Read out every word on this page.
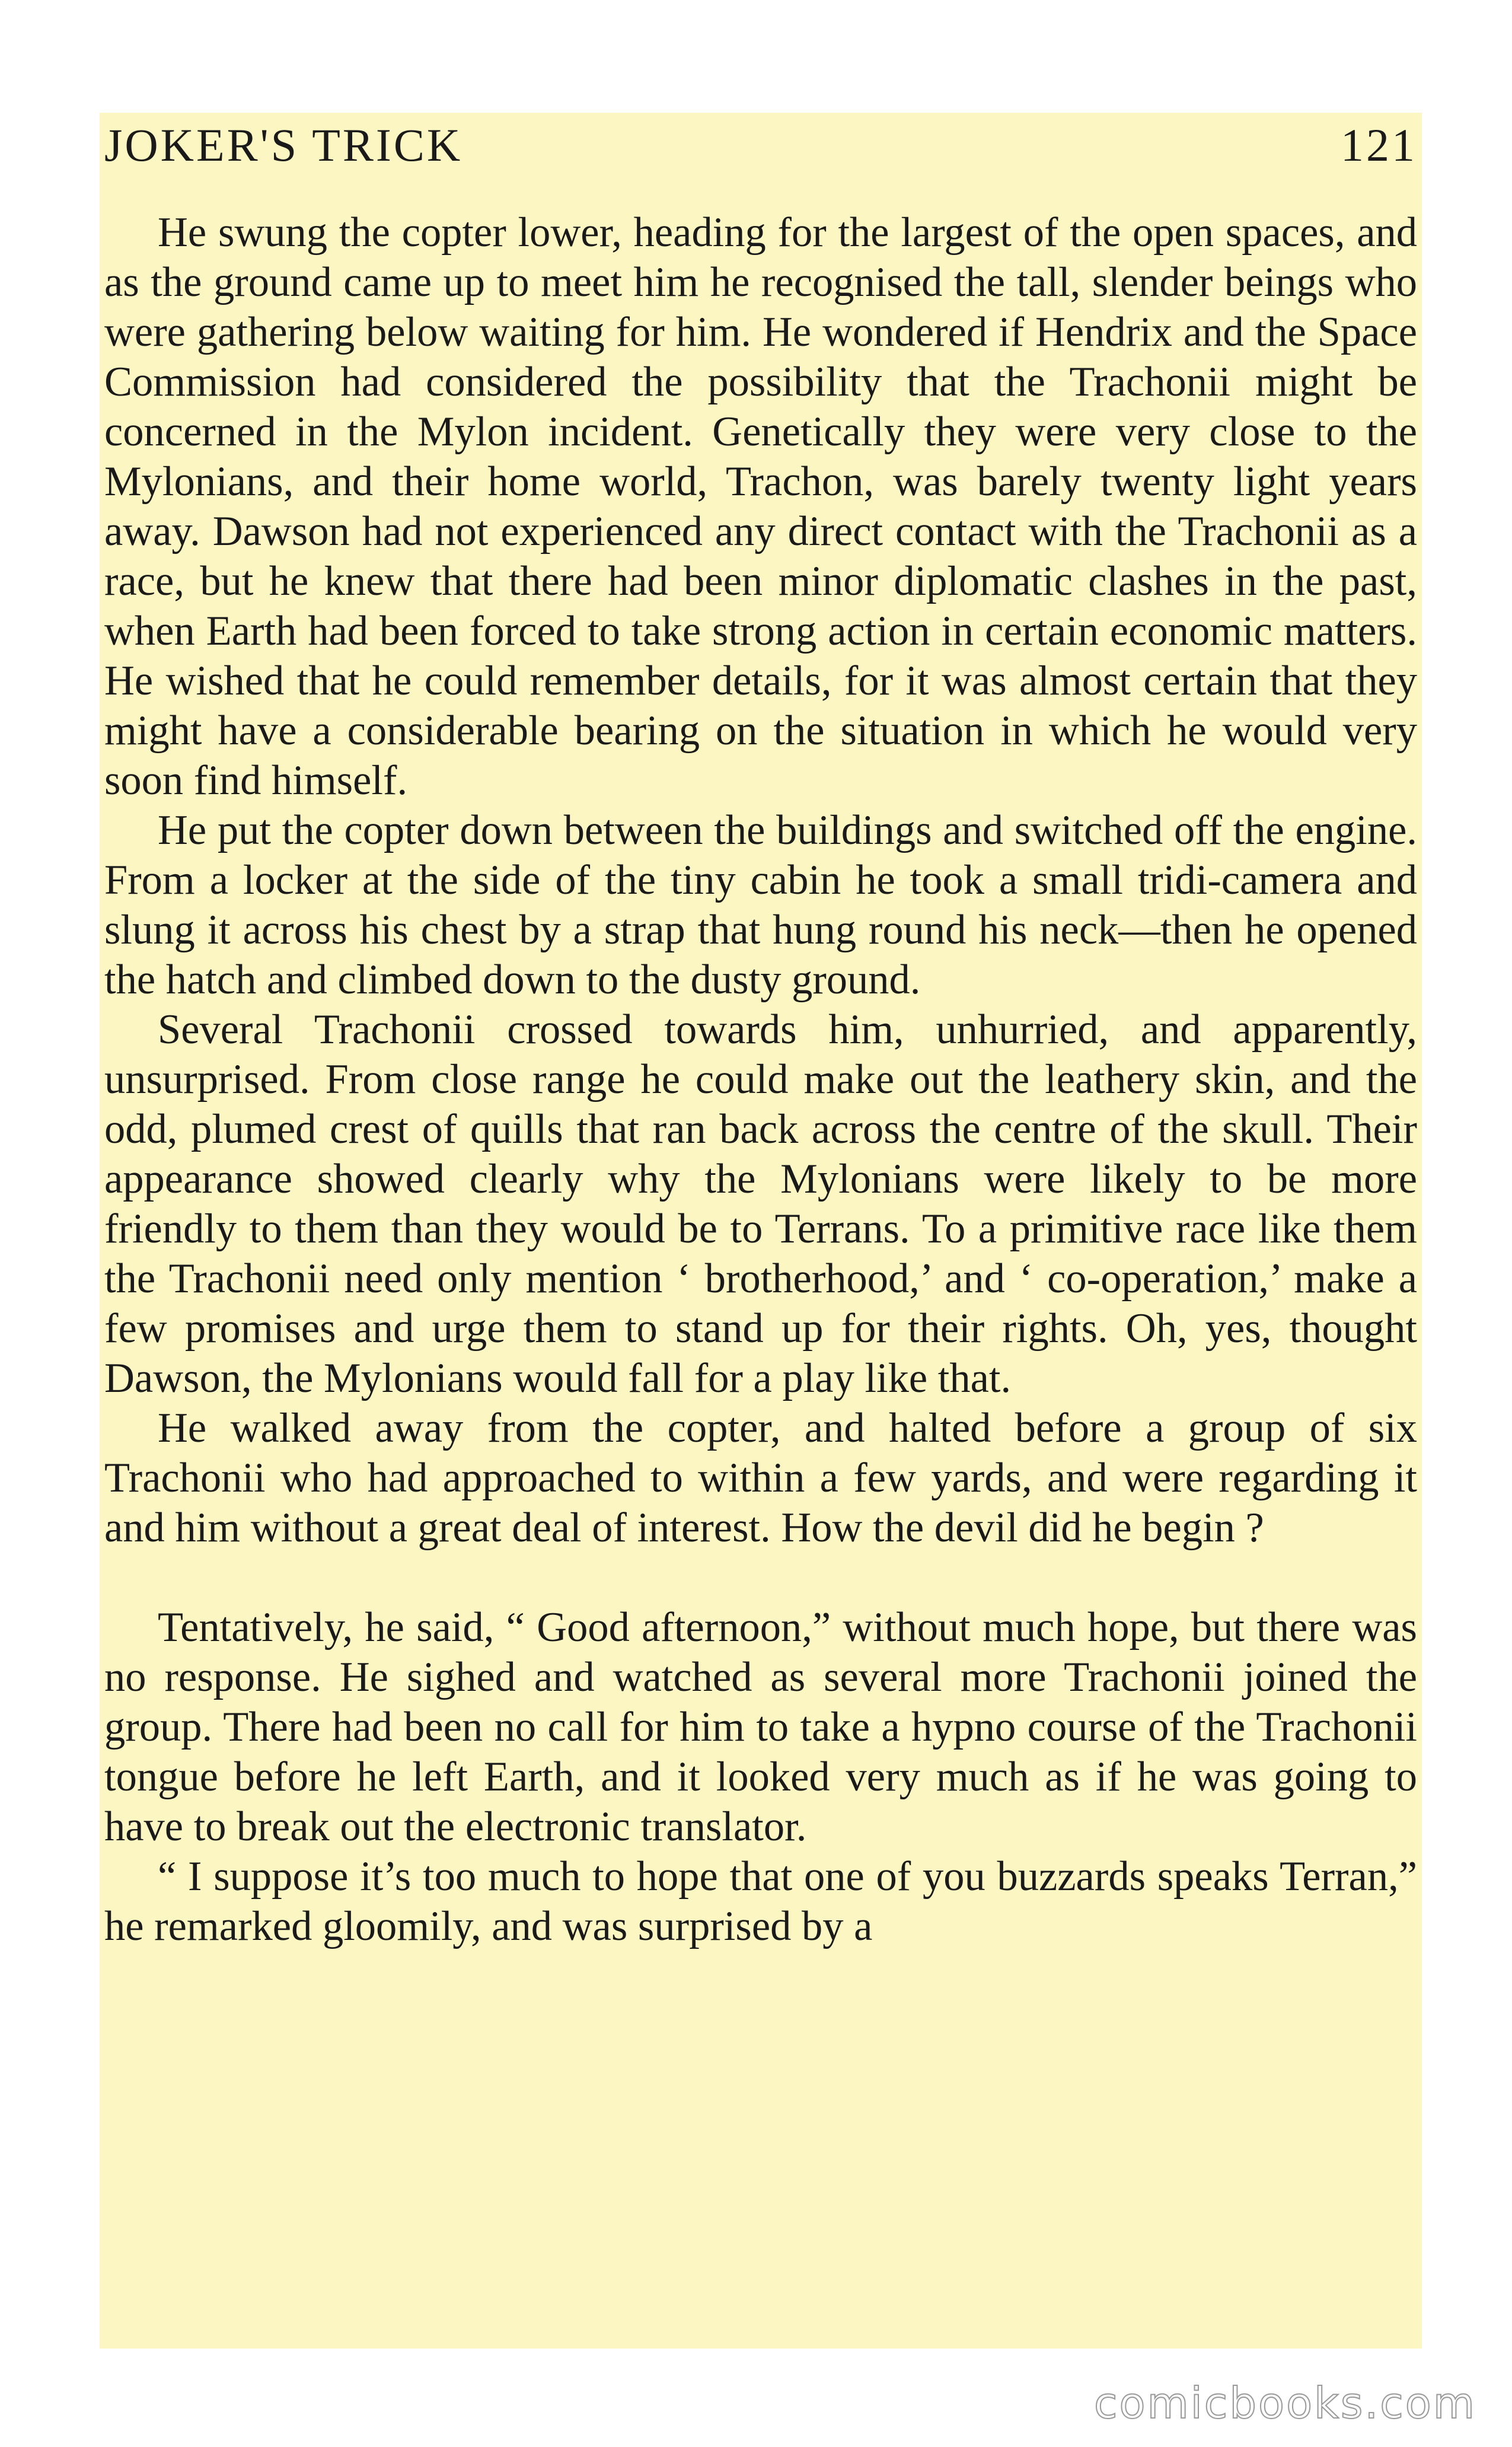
JOKER'S TRICK	121

He swung the copter lower, heading for the largest of the open spaces, and as the ground came up to meet him he recognised the tall, slender beings who were gathering below waiting for him. He wondered if Hendrix and the Space Commission had considered the possibility that the Trachonii might be concerned in the Mylon incident. Genetically they were very close to the Mylonians, and their home world, Trachon, was barely twenty light years away. Dawson had not experienced any direct contact with the Trachonii as a race, but he knew that there had been minor diplomatic clashes in the past, when Earth had been forced to take strong action in certain economic matters. He wished that he could remember details, for it was almost certain that they might have a considerable bearing on the situation in which he would very soon find himself.

He put the copter down between the buildings and switched off the engine. From a locker at the side of the tiny cabin he took a small tridi-camera and slung it across his chest by a strap that hung round his neck—then he opened the hatch and climbed down to the dusty ground.

Several Trachonii crossed towards him, unhurried, and apparently, unsurprised. From close range he could make out the leathery skin, and the odd, plumed crest of quills that ran back across the centre of the skull. Their appearance showed clearly why the Mylonians were likely to be more friendly to them than they would be to Terrans. To a primitive race like them the Trachonii need only mention ‘ brotherhood,’ and ‘ co-operation,’ make a few promises and urge them to stand up for their rights. Oh, yes, thought Dawson, the Mylonians would fall for a play like that.

He walked away from the copter, and halted before a group of six Trachonii who had approached to within a few yards, and were regarding it and him without a great deal of interest. How the devil did he begin ?

Tentatively, he said, “ Good afternoon,” without much hope, but there was no response. He sighed and watched as several more Trachonii joined the group. There had been no call for him to take a hypno course of the Trachonii tongue before he left Earth, and it looked very much as if he was going to have to break out the electronic translator.

“ I suppose it’s too much to hope that one of you buzzards speaks Terran,” he remarked gloomily, and was surprised by a

comicbooks.com
